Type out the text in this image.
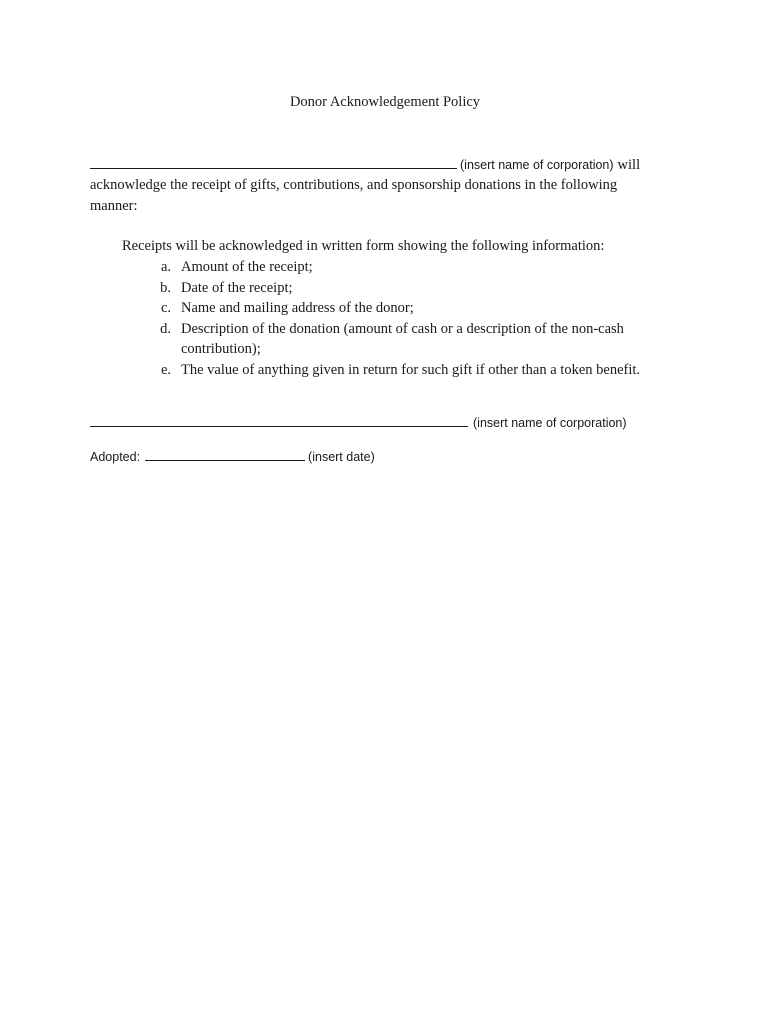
Donor Acknowledgement Policy
(insert name of corporation) will
acknowledge the receipt of gifts, contributions, and sponsorship donations in the following
manner:
Receipts will be acknowledged in written form showing the following information:
a. Amount of the receipt;
b. Date of the receipt;
c. Name and mailing address of the donor;
d. Description of the donation (amount of cash or a description of the non-cash
contribution);
e. The value of anything given in return for such gift if other than a token benefit.
(insert name of corporation)
Adopted:	(insert date)
